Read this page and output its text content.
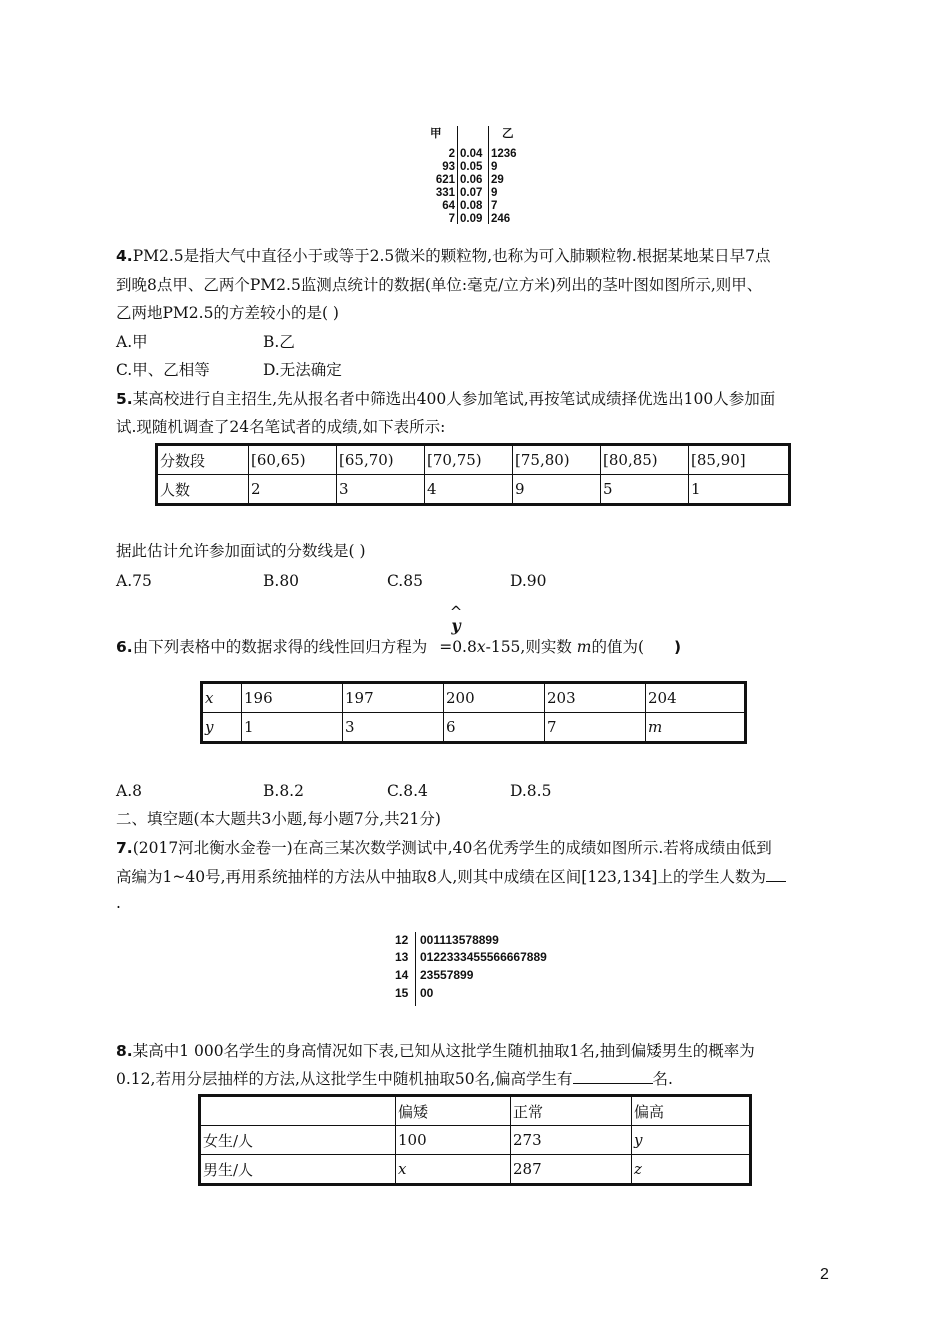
甲	乙
2 0.04 1236
93 0.05 9
621 0.06 29
331 0.07 9
64 0.08 7
7 0.09 246
4.PM2.5是指大气中直径小于或等于2.5微米的颗粒物,也称为可入肺颗粒物.根据某地某日早7点
到晚8点甲、乙两个PM2.5监测点统计的数据(单位:毫克/立方米)列出的茎叶图如图所示,则甲、
乙两地PM2.5的方差较小的是( )
A.甲	B.乙
C.甲、乙相等	D.无法确定
5.某高校进行自主招生,先从报名者中筛选出400人参加笔试,再按笔试成绩择优选出100人参加面
试.现随机调查了24名笔试者的成绩,如下表所示:
分数段	[60,65)	[65,70)	[70,75)	[75,80)	[80,85)	[85,90]
人数	2	3	4	9	5	1
据此估计允许参加面试的分数线是( )
A.75	B.80	C.85	D.90
^
y
6.由下列表格中的数据求得的线性回归方程为 =0.8x-155,则实数 m的值为( )
x	196	197	200	203	204
y	1	3	6	7	m
A.8	B.8.2	C.8.4	D.8.5
二、填空题(本大题共3小题,每小题7分,共21分)
7.(2017河北衡水金卷一)在高三某次数学测试中,40名优秀学生的成绩如图所示.若将成绩由低到
高编为1~40号,再用系统抽样的方法从中抽取8人,则其中成绩在区间[123,134]上的学生人数为
.
12 001113578899
13 0122333455566667889
14 23557899
15 00
8.某高中1 000名学生的身高情况如下表,已知从这批学生随机抽取1名,抽到偏矮男生的概率为
0.12,若用分层抽样的方法,从这批学生中随机抽取50名,偏高学生有	名.
	偏矮	正常	偏高
女生/人	100	273	y
男生/人	x	287	z
2
